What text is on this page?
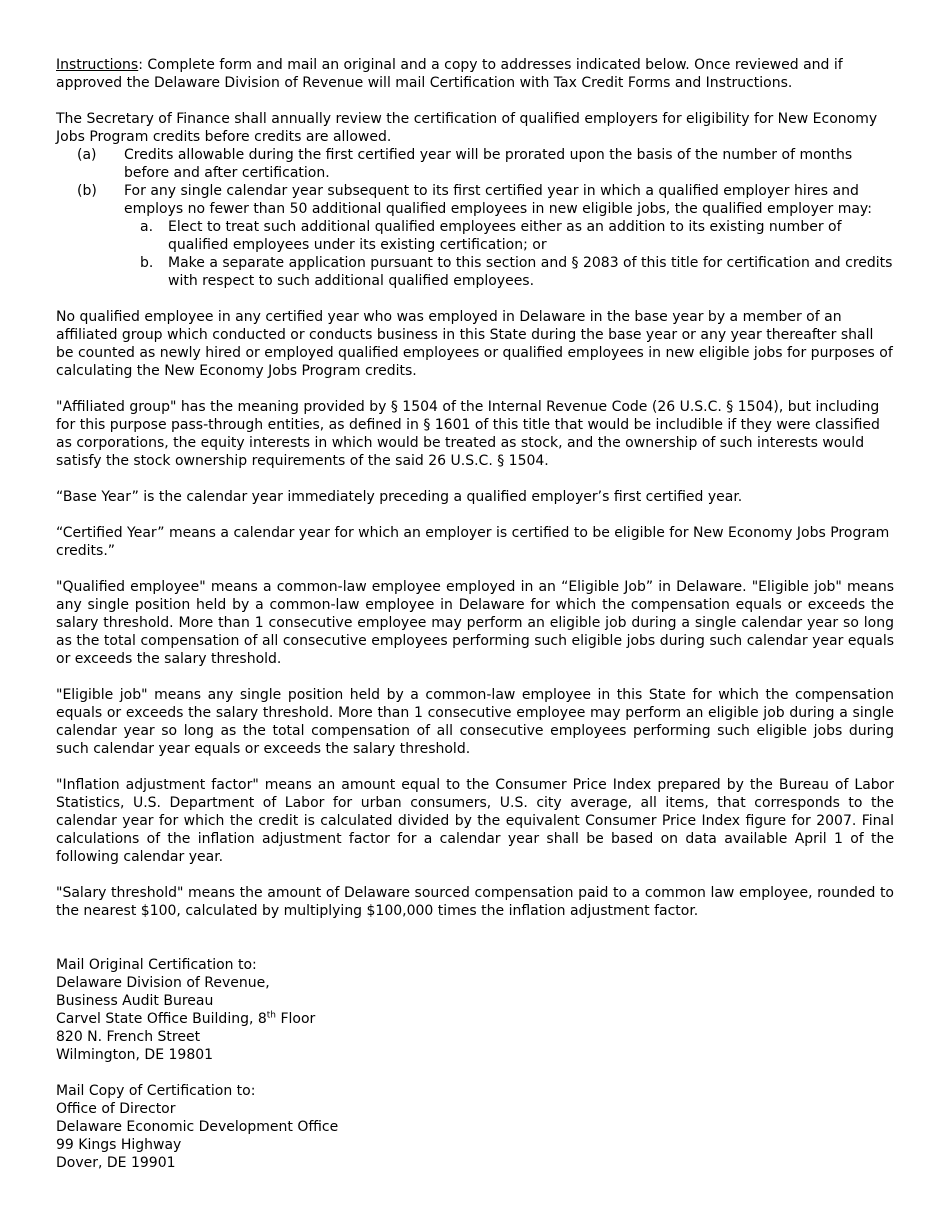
Instructions: Complete form and mail an original and a copy to addresses indicated below. Once reviewed and if approved the Delaware Division of Revenue will mail Certification with Tax Credit Forms and Instructions.

The Secretary of Finance shall annually review the certification of qualified employers for eligibility for New Economy Jobs Program credits before credits are allowed.

(a)	Credits allowable during the first certified year will be prorated upon the basis of the number of months before and after certification.
(b)	For any single calendar year subsequent to its first certified year in which a qualified employer hires and employs no fewer than 50 additional qualified employees in new eligible jobs, the qualified employer may:
a.	Elect to treat such additional qualified employees either as an addition to its existing number of qualified employees under its existing certification; or
b.	Make a separate application pursuant to this section and § 2083 of this title for certification and credits with respect to such additional qualified employees.

No qualified employee in any certified year who was employed in Delaware in the base year by a member of an affiliated group which conducted or conducts business in this State during the base year or any year thereafter shall be counted as newly hired or employed qualified employees or qualified employees in new eligible jobs for purposes of calculating the New Economy Jobs Program credits.

"Affiliated group" has the meaning provided by § 1504 of the Internal Revenue Code (26 U.S.C. § 1504), but including for this purpose pass-through entities, as defined in § 1601 of this title that would be includible if they were classified as corporations, the equity interests in which would be treated as stock, and the ownership of such interests would satisfy the stock ownership requirements of the said 26 U.S.C. § 1504.

“Base Year” is the calendar year immediately preceding a qualified employer’s first certified year.

“Certified Year” means a calendar year for which an employer is certified to be eligible for New Economy Jobs Program credits.”

"Qualified employee" means a common-law employee employed in an “Eligible Job” in Delaware. "Eligible job" means any single position held by a common-law employee in Delaware for which the compensation equals or exceeds the salary threshold. More than 1 consecutive employee may perform an eligible job during a single calendar year so long as the total compensation of all consecutive employees performing such eligible jobs during such calendar year equals or exceeds the salary threshold.

"Eligible job" means any single position held by a common-law employee in this State for which the compensation equals or exceeds the salary threshold. More than 1 consecutive employee may perform an eligible job during a single calendar year so long as the total compensation of all consecutive employees performing such eligible jobs during such calendar year equals or exceeds the salary threshold.

"Inflation adjustment factor" means an amount equal to the Consumer Price Index prepared by the Bureau of Labor Statistics, U.S. Department of Labor for urban consumers, U.S. city average, all items, that corresponds to the calendar year for which the credit is calculated divided by the equivalent Consumer Price Index figure for 2007. Final calculations of the inflation adjustment factor for a calendar year shall be based on data available April 1 of the following calendar year.

"Salary threshold" means the amount of Delaware sourced compensation paid to a common law employee, rounded to the nearest $100, calculated by multiplying $100,000 times the inflation adjustment factor.

Mail Original Certification to:

Delaware Division of Revenue,

Business Audit Bureau

Carvel State Office Building, 8th Floor

820 N. French Street

Wilmington, DE 19801

Mail Copy of Certification to:

Office of Director

Delaware Economic Development Office

99 Kings Highway

Dover, DE 19901
